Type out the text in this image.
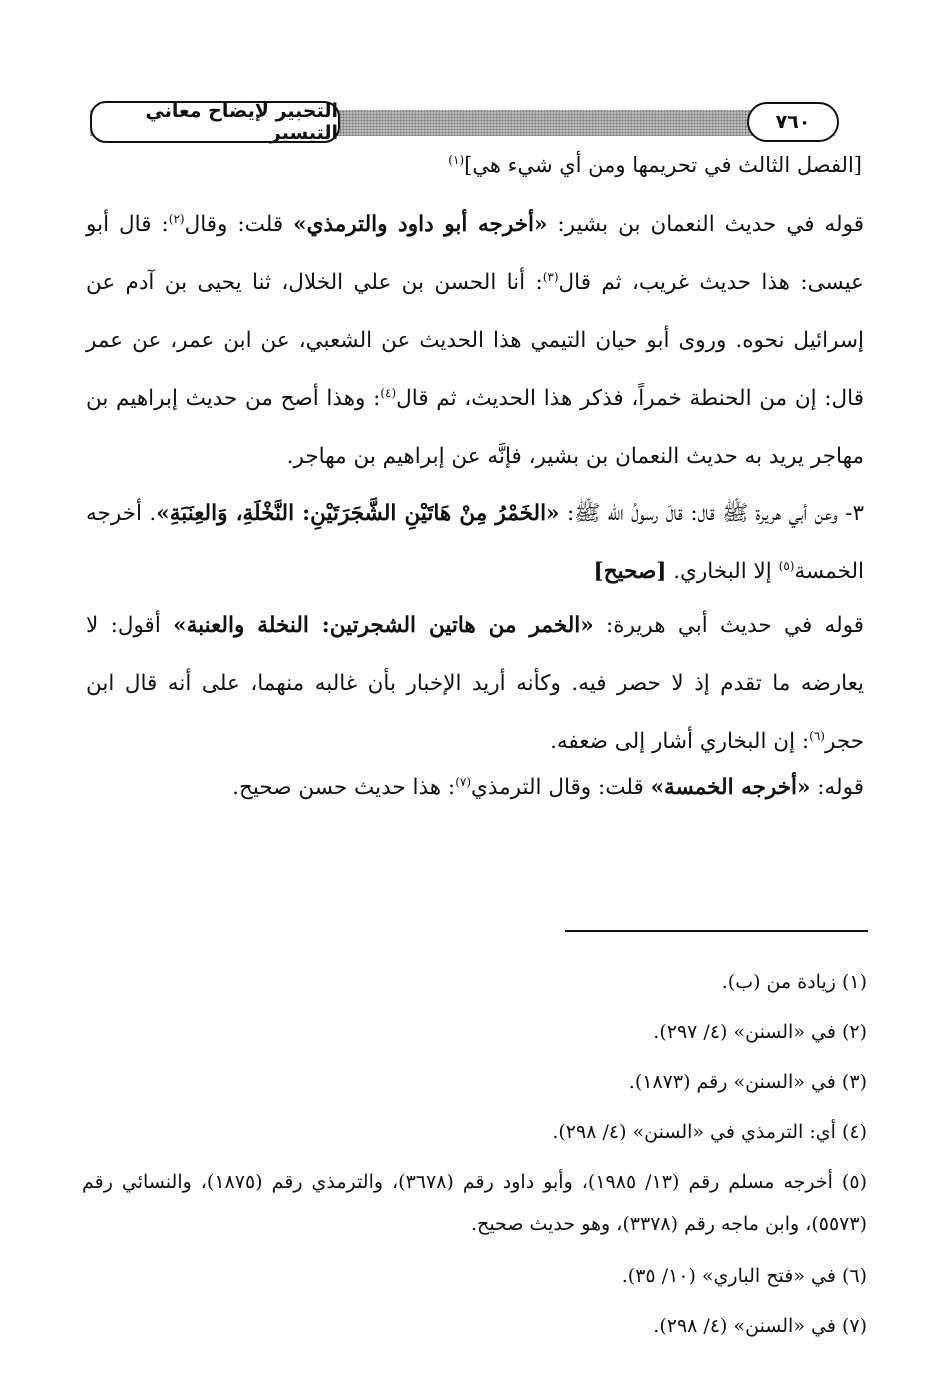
التحبير لإيضاح معاني التيسير	٧٦٠
[الفصل الثالث في تحريمها ومن أي شيء هي]$^{(١)}$
قوله في حديث النعمان بن بشير: «أخرجه أبو داود والترمذي» قلت: وقال$^{(٢)}$: قال أبو عيسى: هذا حديث غريب، ثم قال$^{(٣)}$: أنا الحسن بن علي الخلال، ثنا يحيى بن آدم عن إسرائيل نحوه. وروى أبو حيان التيمي هذا الحديث عن الشعبي، عن ابن عمر، عن عمر قال: إن من الحنطة خمراً، فذكر هذا الحديث، ثم قال$^{(٤)}$: وهذا أصح من حديث إبراهيم بن مهاجر يريد به حديث النعمان بن بشير، فإنَّه عن إبراهيم بن مهاجر.
٣- وعن أبي هريرة ﷺ قال: قالَ رسولُ الله ﷺ: «الخَمْرُ مِنْ هَاتَيْنِ الشَّجَرَتَيْنِ: النَّخْلَةِ، وَالعِنَبَةِ». أخرجه الخمسة$^{(٥)}$ إلا البخاري. [صحيح]
قوله في حديث أبي هريرة: «الخمر من هاتين الشجرتين: النخلة والعنبة» أقول: لا يعارضه ما تقدم إذ لا حصر فيه. وكأنه أريد الإخبار بأن غالبه منهما، على أنه قال ابن حجر$^{(٦)}$: إن البخاري أشار إلى ضعفه.
قوله: «أخرجه الخمسة» قلت: وقال الترمذي$^{(٧)}$: هذا حديث حسن صحيح.
(١) زيادة من (ب).
(٢) في «السنن» (٤/ ٢٩٧).
(٣) في «السنن» رقم (١٨٧٣).
(٤) أي: الترمذي في «السنن» (٤/ ٢٩٨).
(٥) أخرجه مسلم رقم (١٣/ ١٩٨٥)، وأبو داود رقم (٣٦٧٨)، والترمذي رقم (١٨٧٥)، والنسائي رقم (٥٥٧٣)، وابن ماجه رقم (٣٣٧٨)، وهو حديث صحيح.
(٦) في «فتح الباري» (١٠/ ٣٥).
(٧) في «السنن» (٤/ ٢٩٨).
